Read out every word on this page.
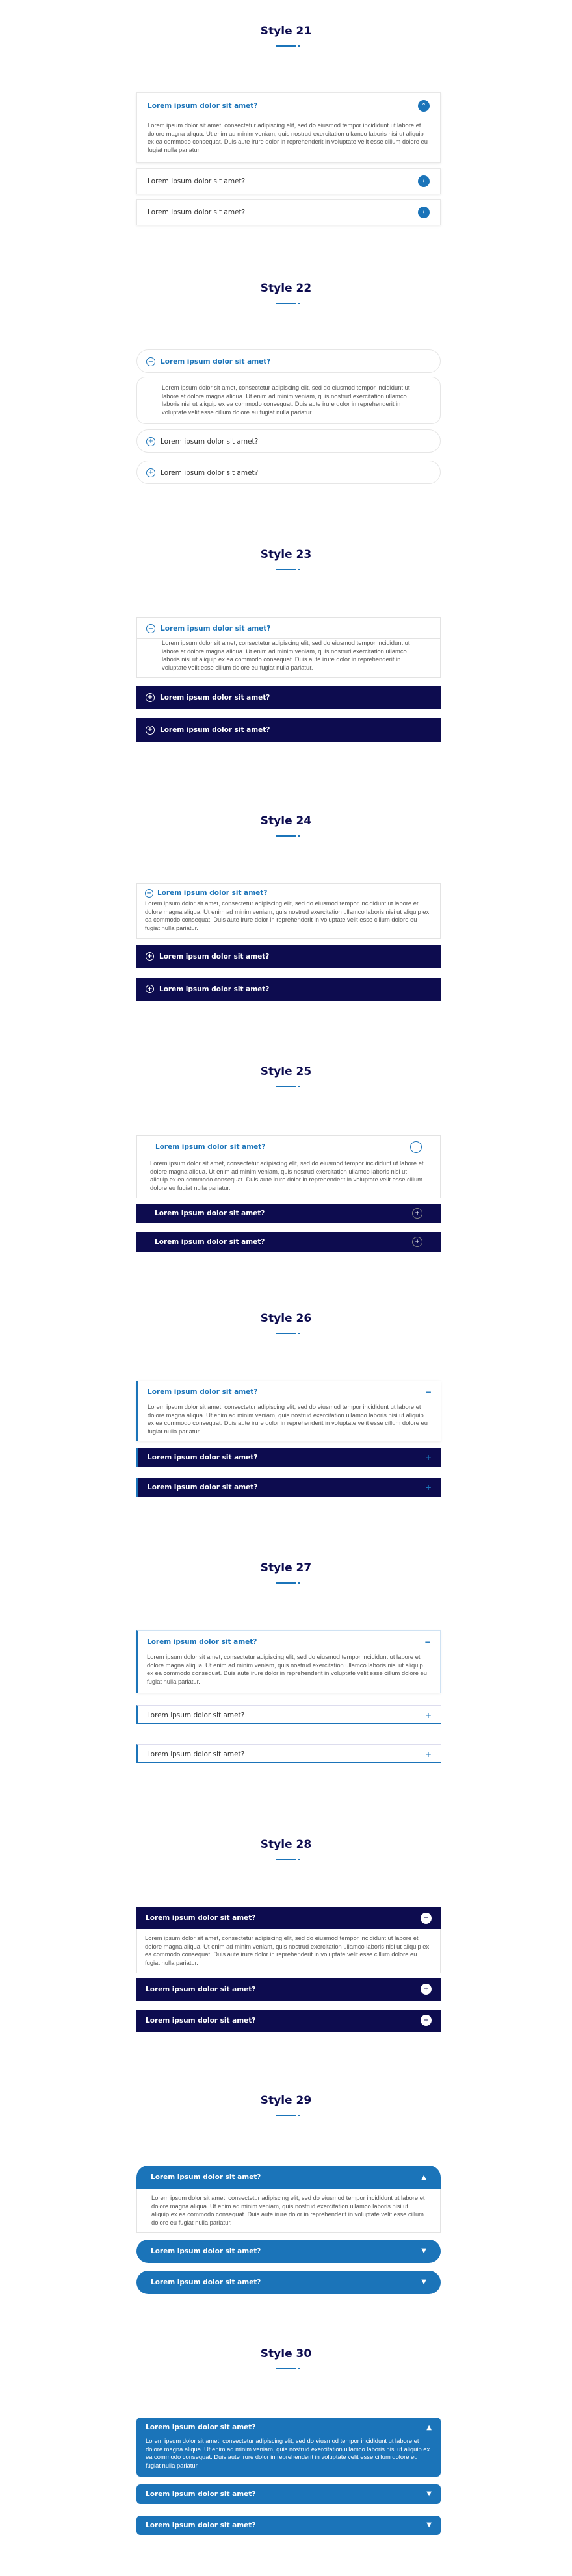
Style 21
Lorem ipsum dolor sit amet?	⌃
Lorem ipsum dolor sit amet, consectetur adipiscing elit, sed do eiusmod tempor incididunt ut labore et dolore magna aliqua. Ut enim ad minim veniam, quis nostrud exercitation ullamco laboris nisi ut aliquip ex ea commodo consequat. Duis aute irure dolor in reprehenderit in voluptate velit esse cillum dolore eu fugiat nulla pariatur.
Lorem ipsum dolor sit amet?	›
Lorem ipsum dolor sit amet?	›
Style 22
− Lorem ipsum dolor sit amet?
Lorem ipsum dolor sit amet, consectetur adipiscing elit, sed do eiusmod tempor incididunt ut labore et dolore magna aliqua. Ut enim ad minim veniam, quis nostrud exercitation ullamco laboris nisi ut aliquip ex ea commodo consequat. Duis aute irure dolor in reprehenderit in voluptate velit esse cillum dolore eu fugiat nulla pariatur.
+ Lorem ipsum dolor sit amet?
+ Lorem ipsum dolor sit amet?
Style 23
− Lorem ipsum dolor sit amet?
Lorem ipsum dolor sit amet, consectetur adipiscing elit, sed do eiusmod tempor incididunt ut labore et dolore magna aliqua. Ut enim ad minim veniam, quis nostrud exercitation ullamco laboris nisi ut aliquip ex ea commodo consequat. Duis aute irure dolor in reprehenderit in voluptate velit esse cillum dolore eu fugiat nulla pariatur.
+ Lorem ipsum dolor sit amet?
+ Lorem ipsum dolor sit amet?
Style 24
− Lorem ipsum dolor sit amet?
Lorem ipsum dolor sit amet, consectetur adipiscing elit, sed do eiusmod tempor incididunt ut labore et dolore magna aliqua. Ut enim ad minim veniam, quis nostrud exercitation ullamco laboris nisi ut aliquip ex ea commodo consequat. Duis aute irure dolor in reprehenderit in voluptate velit esse cillum dolore eu fugiat nulla pariatur.
+ Lorem ipsum dolor sit amet?
+ Lorem ipsum dolor sit amet?
Style 25
Lorem ipsum dolor sit amet?
Lorem ipsum dolor sit amet, consectetur adipiscing elit, sed do eiusmod tempor incididunt ut labore et dolore magna aliqua. Ut enim ad minim veniam, quis nostrud exercitation ullamco laboris nisi ut aliquip ex ea commodo consequat. Duis aute irure dolor in reprehenderit in voluptate velit esse cillum dolore eu fugiat nulla pariatur.
Lorem ipsum dolor sit amet?	+
Lorem ipsum dolor sit amet?	+
Style 26
Lorem ipsum dolor sit amet?	−
Lorem ipsum dolor sit amet, consectetur adipiscing elit, sed do eiusmod tempor incididunt ut labore et dolore magna aliqua. Ut enim ad minim veniam, quis nostrud exercitation ullamco laboris nisi ut aliquip ex ea commodo consequat. Duis aute irure dolor in reprehenderit in voluptate velit esse cillum dolore eu fugiat nulla pariatur.
Lorem ipsum dolor sit amet?	+
Lorem ipsum dolor sit amet?	+
Style 27
Lorem ipsum dolor sit amet?	−
Lorem ipsum dolor sit amet, consectetur adipiscing elit, sed do eiusmod tempor incididunt ut labore et dolore magna aliqua. Ut enim ad minim veniam, quis nostrud exercitation ullamco laboris nisi ut aliquip ex ea commodo consequat. Duis aute irure dolor in reprehenderit in voluptate velit esse cillum dolore eu fugiat nulla pariatur.
Lorem ipsum dolor sit amet?	+
Lorem ipsum dolor sit amet?	+
Style 28
Lorem ipsum dolor sit amet?	−
Lorem ipsum dolor sit amet, consectetur adipiscing elit, sed do eiusmod tempor incididunt ut labore et dolore magna aliqua. Ut enim ad minim veniam, quis nostrud exercitation ullamco laboris nisi ut aliquip ex ea commodo consequat. Duis aute irure dolor in reprehenderit in voluptate velit esse cillum dolore eu fugiat nulla pariatur.
Lorem ipsum dolor sit amet?	+
Lorem ipsum dolor sit amet?	+
Style 29
Lorem ipsum dolor sit amet?	▲
Lorem ipsum dolor sit amet, consectetur adipiscing elit, sed do eiusmod tempor incididunt ut labore et dolore magna aliqua. Ut enim ad minim veniam, quis nostrud exercitation ullamco laboris nisi ut aliquip ex ea commodo consequat. Duis aute irure dolor in reprehenderit in voluptate velit esse cillum dolore eu fugiat nulla pariatur.
Lorem ipsum dolor sit amet?	▼
Lorem ipsum dolor sit amet?	▼
Style 30
Lorem ipsum dolor sit amet?	▲
Lorem ipsum dolor sit amet, consectetur adipiscing elit, sed do eiusmod tempor incididunt ut labore et dolore magna aliqua. Ut enim ad minim veniam, quis nostrud exercitation ullamco laboris nisi ut aliquip ex ea commodo consequat. Duis aute irure dolor in reprehenderit in voluptate velit esse cillum dolore eu fugiat nulla pariatur.
Lorem ipsum dolor sit amet?	▼
Lorem ipsum dolor sit amet?	▼
